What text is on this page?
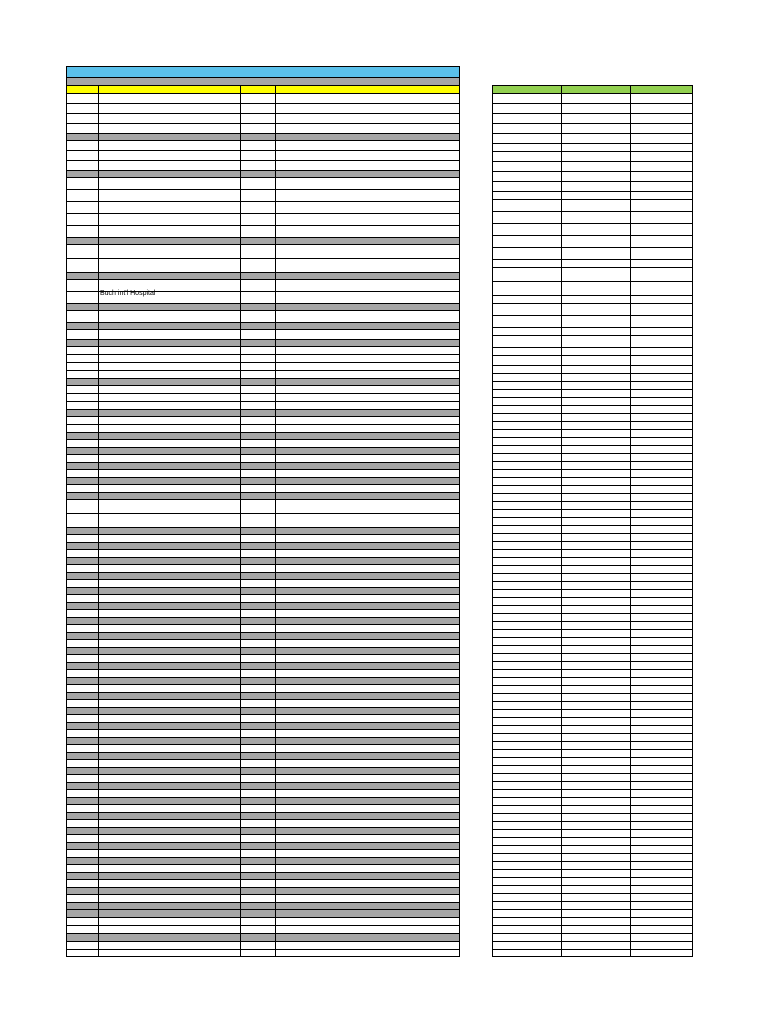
Buch int'l Hospital
